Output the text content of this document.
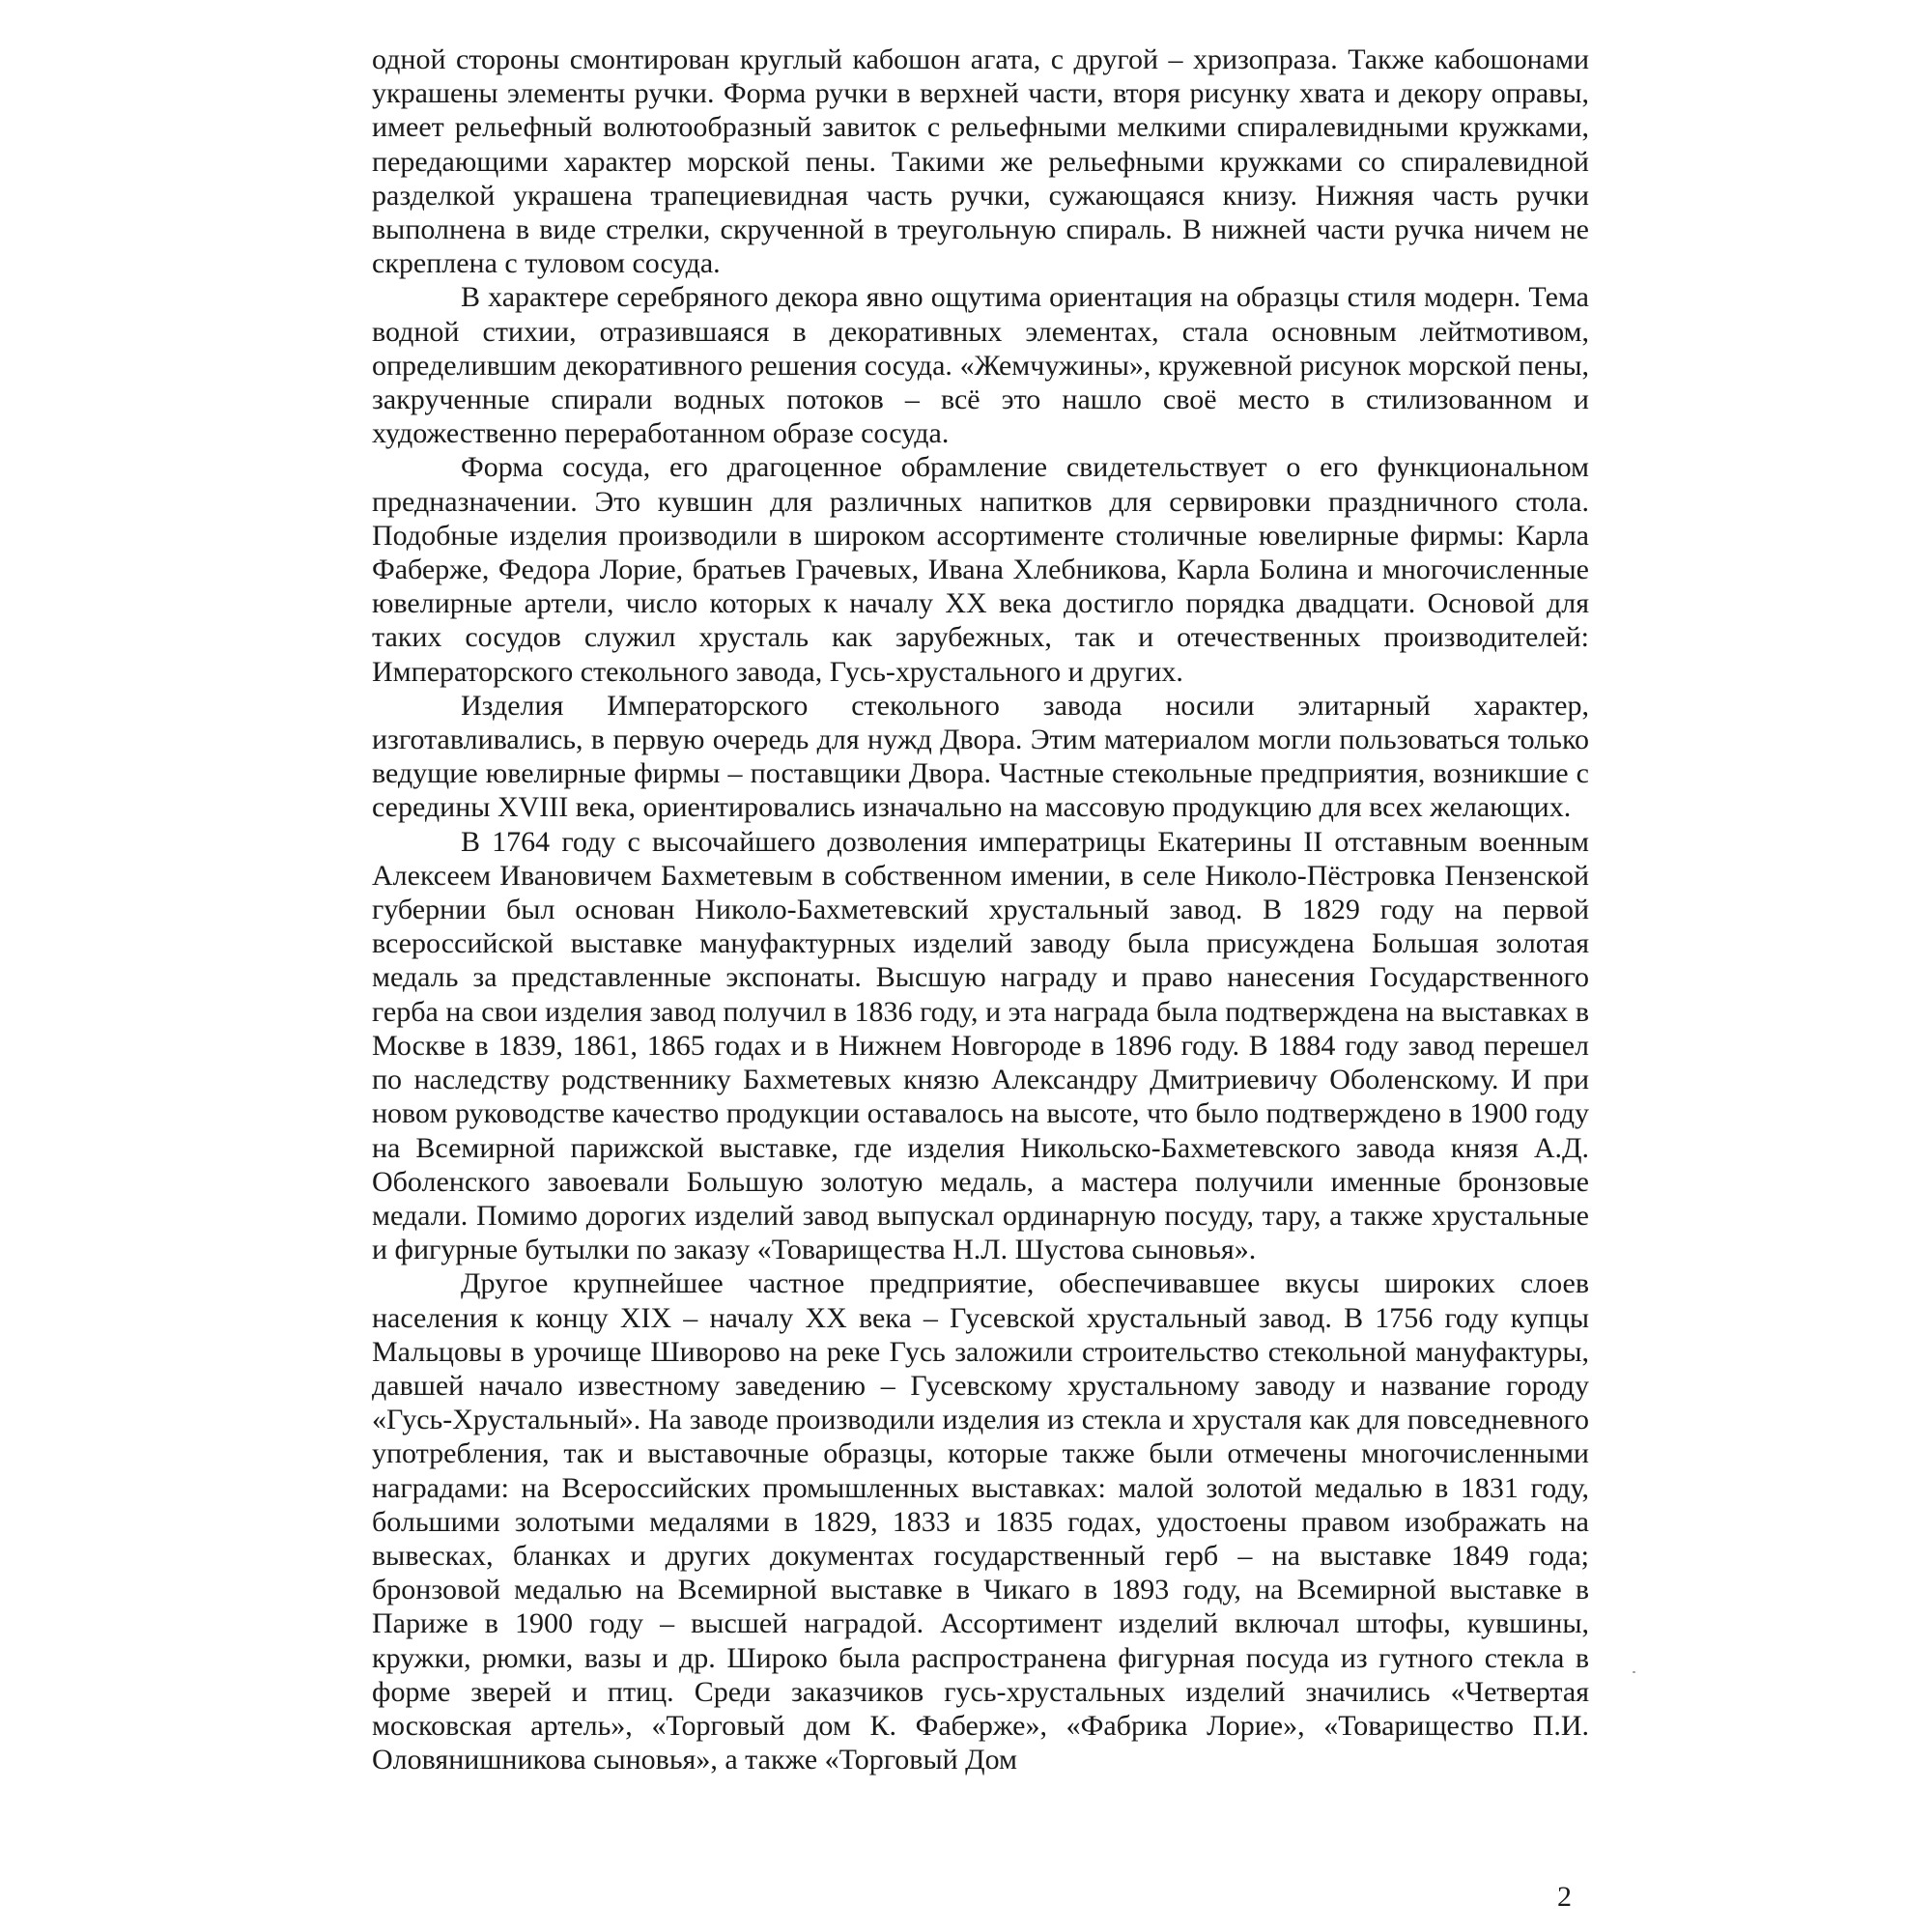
одной стороны смонтирован круглый кабошон агата, с другой – хризопраза. Также кабошонами украшены элементы ручки. Форма ручки в верхней части, вторя рисунку хвата и декору оправы, имеет рельефный волютообразный завиток с рельефными мелкими спиралевидными кружками, передающими характер морской пены. Такими же рельефными кружками со спиралевидной разделкой украшена трапециевидная часть ручки, сужающаяся книзу. Нижняя часть ручки выполнена в виде стрелки, скрученной в треугольную спираль. В нижней части ручка ничем не скреплена с туловом сосуда.

В характере серебряного декора явно ощутима ориентация на образцы стиля модерн. Тема водной стихии, отразившаяся в декоративных элементах, стала основным лейтмотивом, определившим декоративного решения сосуда. «Жемчужины», кружевной рисунок морской пены, закрученные спирали водных потоков – всё это нашло своё место в стилизованном и художественно переработанном образе сосуда.

Форма сосуда, его драгоценное обрамление свидетельствует о его функциональном предназначении. Это кувшин для различных напитков для сервировки праздничного стола. Подобные изделия производили в широком ассортименте столичные ювелирные фирмы: Карла Фаберже, Федора Лорие, братьев Грачевых, Ивана Хлебникова, Карла Болина и многочисленные ювелирные артели, число которых к началу XX века достигло порядка двадцати. Основой для таких сосудов служил хрусталь как зарубежных, так и отечественных производителей: Императорского стекольного завода, Гусь-хрустального и других.

Изделия Императорского стекольного завода носили элитарный характер, изготавливались, в первую очередь для нужд Двора. Этим материалом могли пользоваться только ведущие ювелирные фирмы – поставщики Двора. Частные стекольные предприятия, возникшие с середины XVIII века, ориентировались изначально на массовую продукцию для всех желающих.

В 1764 году с высочайшего дозволения императрицы Екатерины II отставным военным Алексеем Ивановичем Бахметевым в собственном имении, в селе Николо-Пёстровка Пензенской губернии был основан Николо-Бахметевский хрустальный завод. В 1829 году на первой всероссийской выставке мануфактурных изделий заводу была присуждена Большая золотая медаль за представленные экспонаты. Высшую награду и право нанесения Государственного герба на свои изделия завод получил в 1836 году, и эта награда была подтверждена на выставках в Москве в 1839, 1861, 1865 годах и в Нижнем Новгороде в 1896 году. В 1884 году завод перешел по наследству родственнику Бахметевых князю Александру Дмитриевичу Оболенскому. И при новом руководстве качество продукции оставалось на высоте, что было подтверждено в 1900 году на Всемирной парижской выставке, где изделия Никольско-Бахметевского завода князя А.Д. Оболенского завоевали Большую золотую медаль, а мастера получили именные бронзовые медали. Помимо дорогих изделий завод выпускал ординарную посуду, тару, а также хрустальные и фигурные бутылки по заказу «Товарищества Н.Л. Шустова сыновья».

Другое крупнейшее частное предприятие, обеспечивавшее вкусы широких слоев населения к концу XIX – началу XX века – Гусевской хрустальный завод. В 1756 году купцы Мальцовы в урочище Шиворово на реке Гусь заложили строительство стекольной мануфактуры, давшей начало известному заведению – Гусевскому хрустальному заводу и название городу «Гусь-Хрустальный». На заводе производили изделия из стекла и хрусталя как для повседневного употребления, так и выставочные образцы, которые также были отмечены многочисленными наградами: на Всероссийских промышленных выставках: малой золотой медалью в 1831 году, большими золотыми медалями в 1829, 1833 и 1835 годах, удостоены правом изображать на вывесках, бланках и других документах государственный герб – на выставке 1849 года; бронзовой медалью на Всемирной выставке в Чикаго в 1893 году, на Всемирной выставке в Париже в 1900 году – высшей наградой. Ассортимент изделий включал штофы, кувшины, кружки, рюмки, вазы и др. Широко была распространена фигурная посуда из гутного стекла в форме зверей и птиц. Среди заказчиков гусь-хрустальных изделий значились «Четвертая московская артель», «Торговый дом К. Фаберже», «Фабрика Лорие», «Товарищество П.И. Оловянишникова сыновья», а также «Торговый Дом

2
